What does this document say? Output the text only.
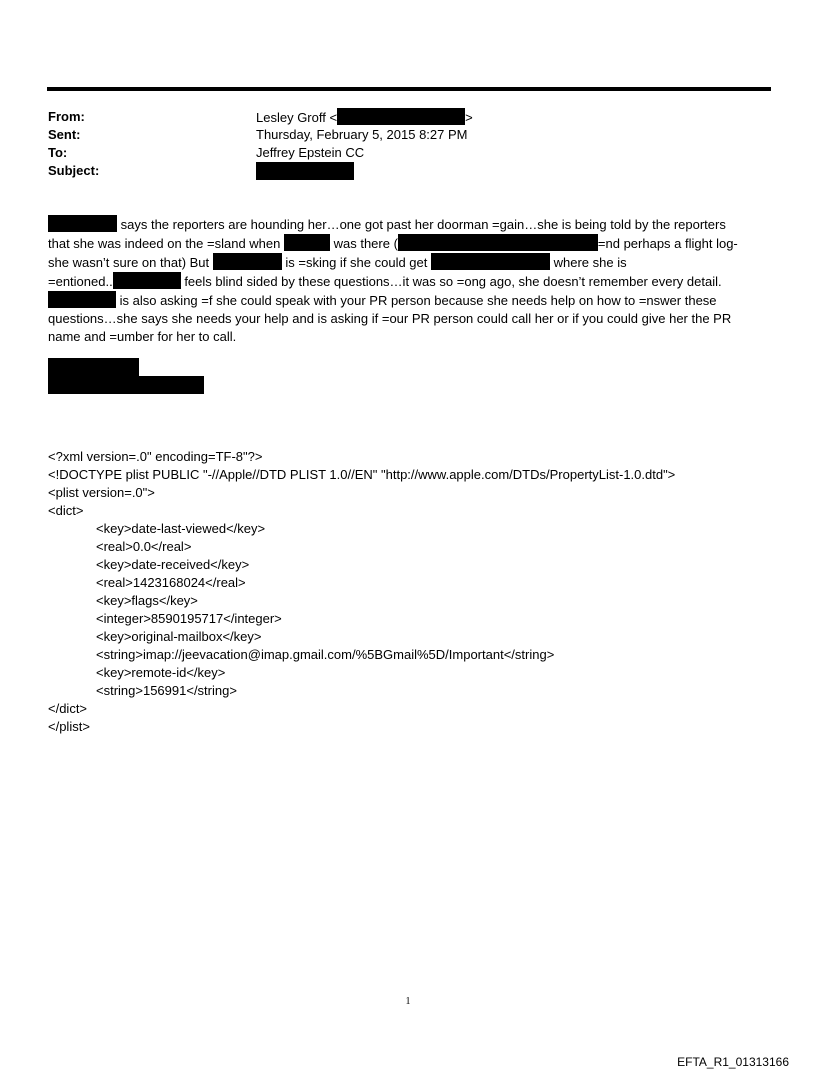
From:	Lesley Groff <	>
Sent:	Thursday, February 5, 2015 8:27 PM
To:	Jeffrey Epstein CC
Subject:

says the reporters are hounding her…one got past her doorman =gain…she is being told by the reporters

that she was indeed on the =sland when	was there (	=nd perhaps a flight log-

she wasn’t sure on that) But	is =sking if she could get	where she is

=entioned..	feels blind sided by these questions…it was so =ong ago, she doesn’t remember every detail.

is also asking =f she could speak with your PR person because she needs help on how to =nswer these

questions…she says she needs your help and is asking if =our PR person could call her or if you could give her the PR

name and =umber for her to call.

<?xml version=.0" encoding=TF-8"?>
<!DOCTYPE plist PUBLIC "-//Apple//DTD PLIST 1.0//EN" "http://www.apple.com/DTDs/PropertyList-1.0.dtd">
<plist version=.0">
<dict>
<key>date-last-viewed</key>
<real>0.0</real>
<key>date-received</key>
<real>1423168024</real>
<key>flags</key>
<integer>8590195717</integer>
<key>original-mailbox</key>
<string>imap://jeevacation@imap.gmail.com/%5BGmail%5D/Important</string>
<key>remote-id</key>
<string>156991</string>
</dict>
</plist>
1
EFTA_R1_01313166
